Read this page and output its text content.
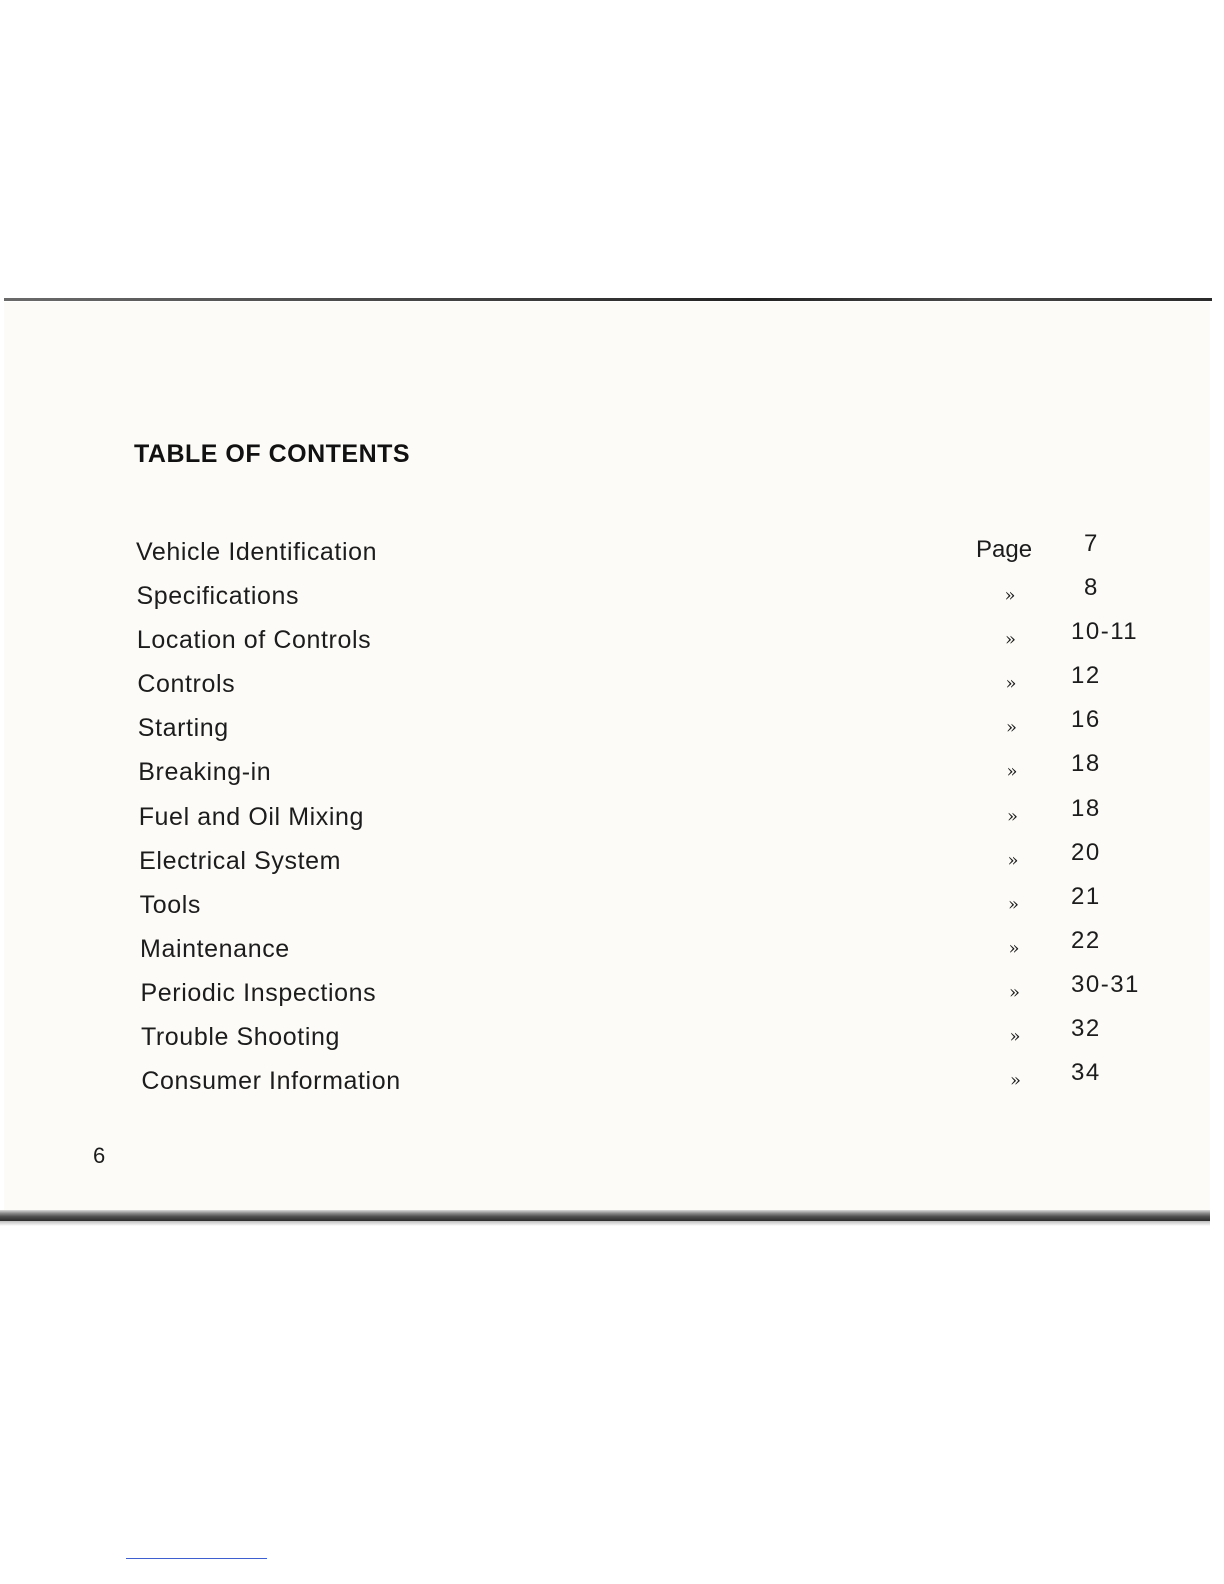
TABLE OF CONTENTS
Vehicle Identification	Page 7
Specifications	»	8
Location of Controls	» 10-11
Controls	» 12
Starting	» 16
Breaking-in	» 18
Fuel and Oil Mixing	» 18
Electrical System	» 20
Tools	» 21
Maintenance	» 22
Periodic Inspections	» 30-31
Trouble Shooting	» 32
Consumer Information	» 34
6
